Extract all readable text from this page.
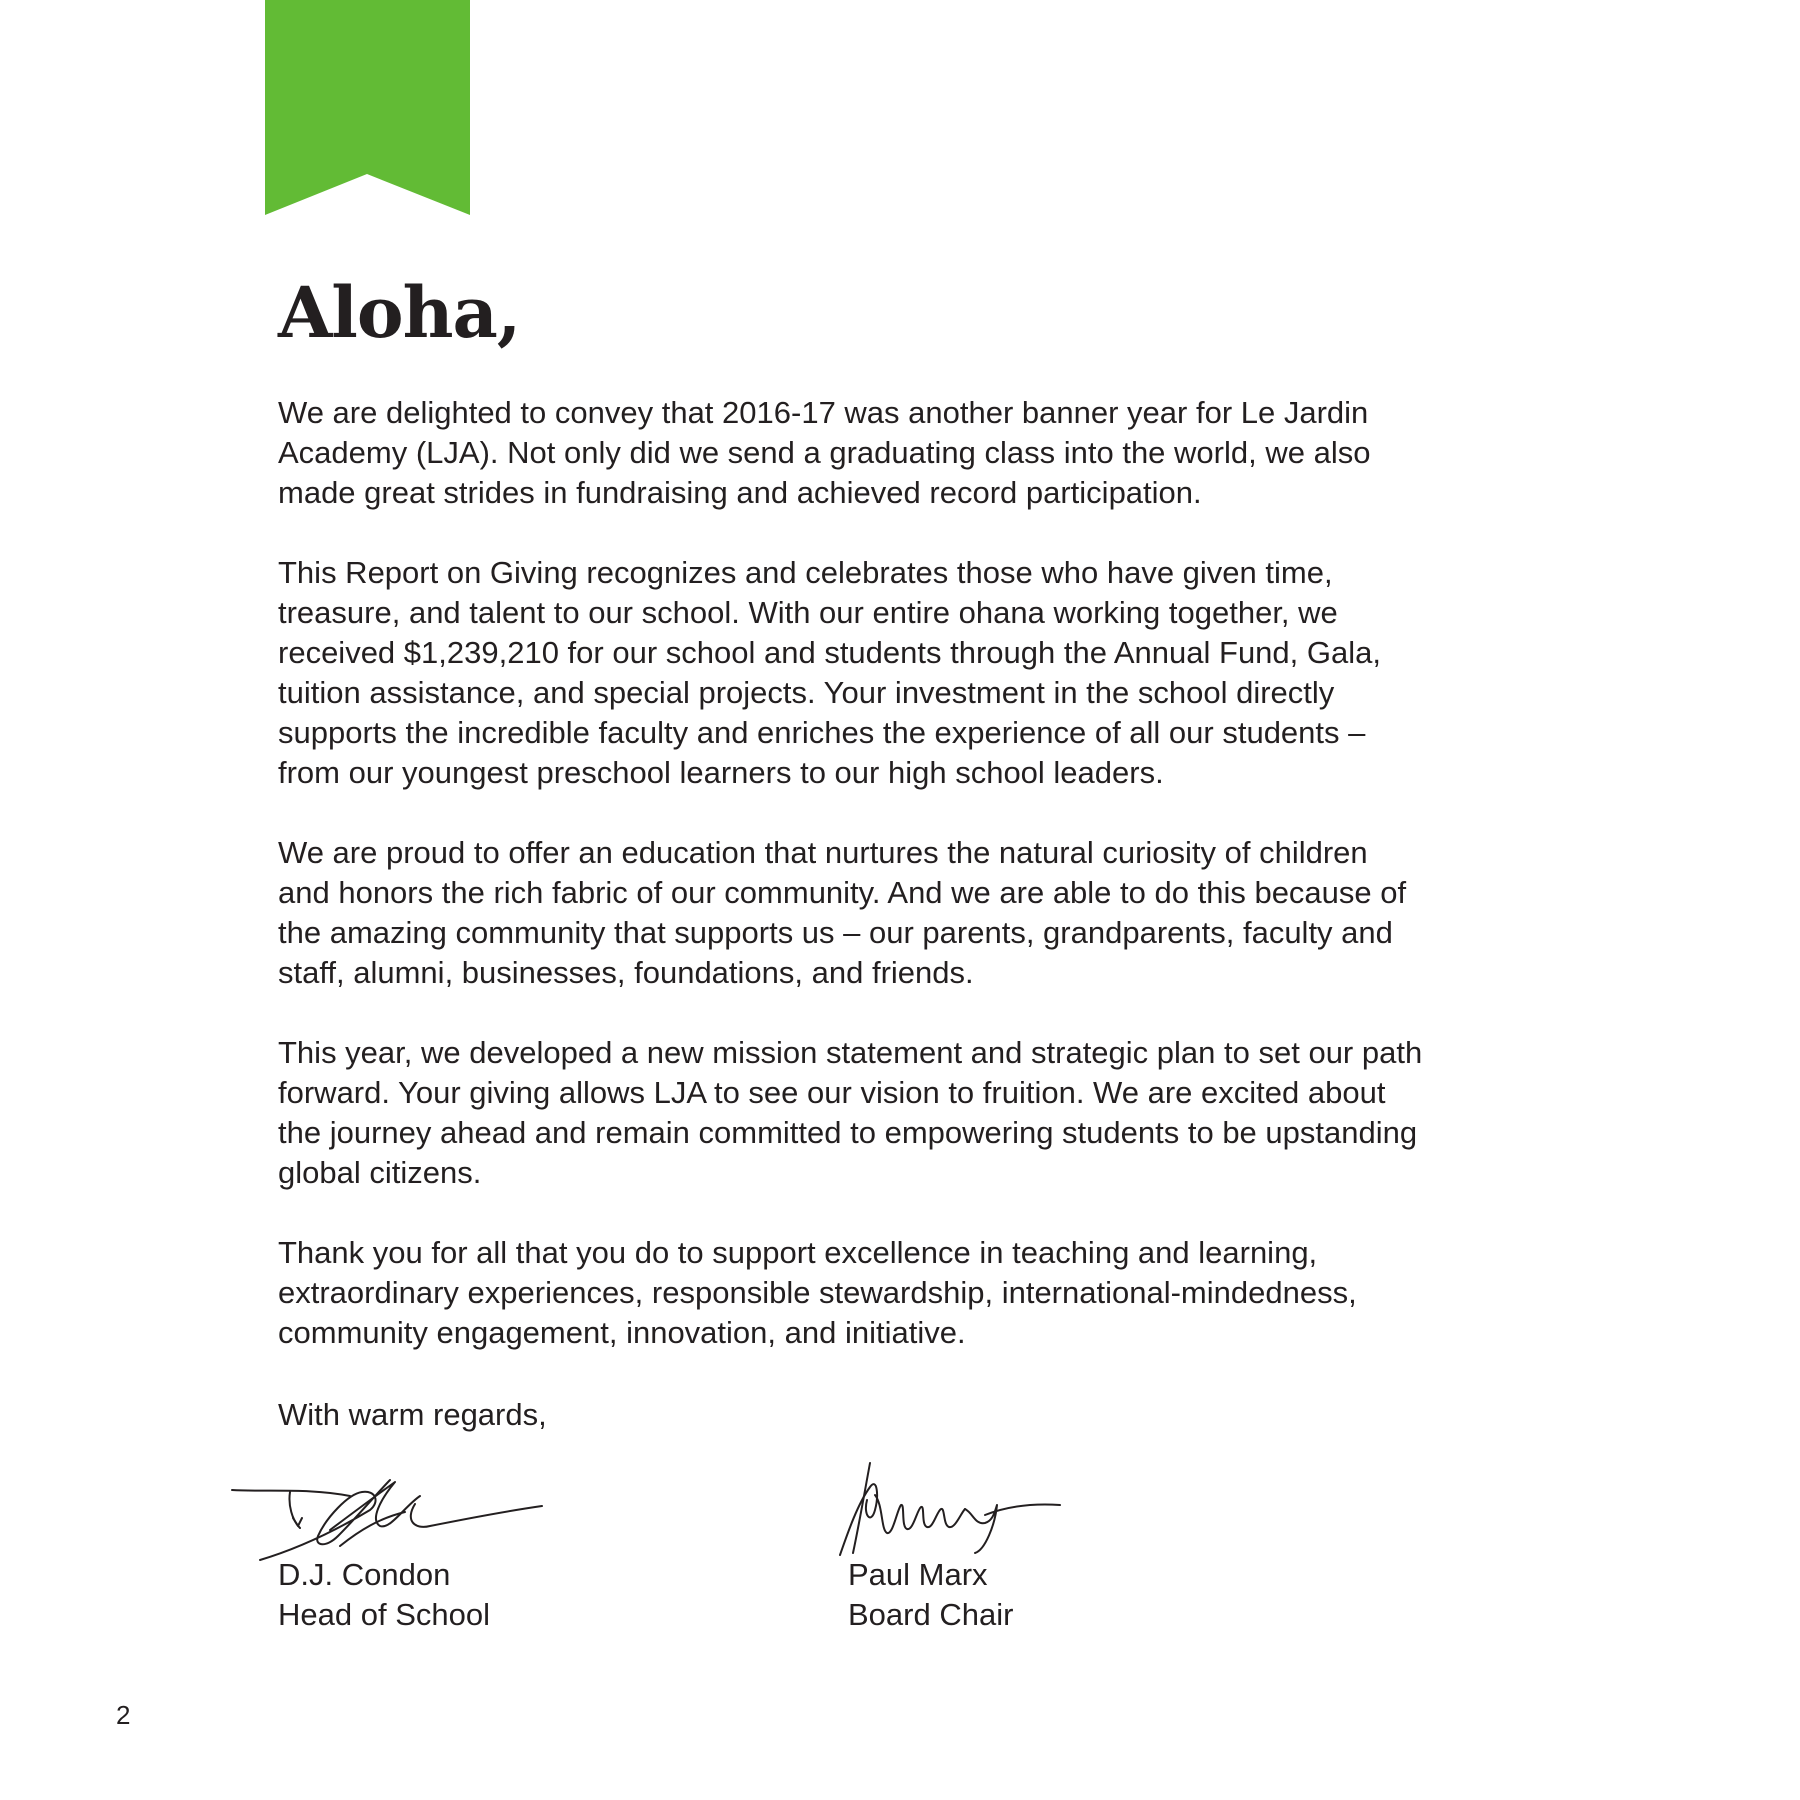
Aloha,

We are delighted to convey that 2016-17 was another banner year for Le Jardin
Academy (LJA). Not only did we send a graduating class into the world, we also
made great strides in fundraising and achieved record participation.

This Report on Giving recognizes and celebrates those who have given time,
treasure, and talent to our school. With our entire ohana working together, we
received $1,239,210 for our school and students through the Annual Fund, Gala,
tuition assistance, and special projects. Your investment in the school directly
supports the incredible faculty and enriches the experience of all our students –
from our youngest preschool learners to our high school leaders.

We are proud to offer an education that nurtures the natural curiosity of children
and honors the rich fabric of our community. And we are able to do this because of
the amazing community that supports us – our parents, grandparents, faculty and
staff, alumni, businesses, foundations, and friends.

This year, we developed a new mission statement and strategic plan to set our path
forward. Your giving allows LJA to see our vision to fruition. We are excited about
the journey ahead and remain committed to empowering students to be upstanding
global citizens.

Thank you for all that you do to support excellence in teaching and learning,
extraordinary experiences, responsible stewardship, international-mindedness,
community engagement, innovation, and initiative.

With warm regards,

D.J. Condon
Head of School
Paul Marx
Board Chair
2
